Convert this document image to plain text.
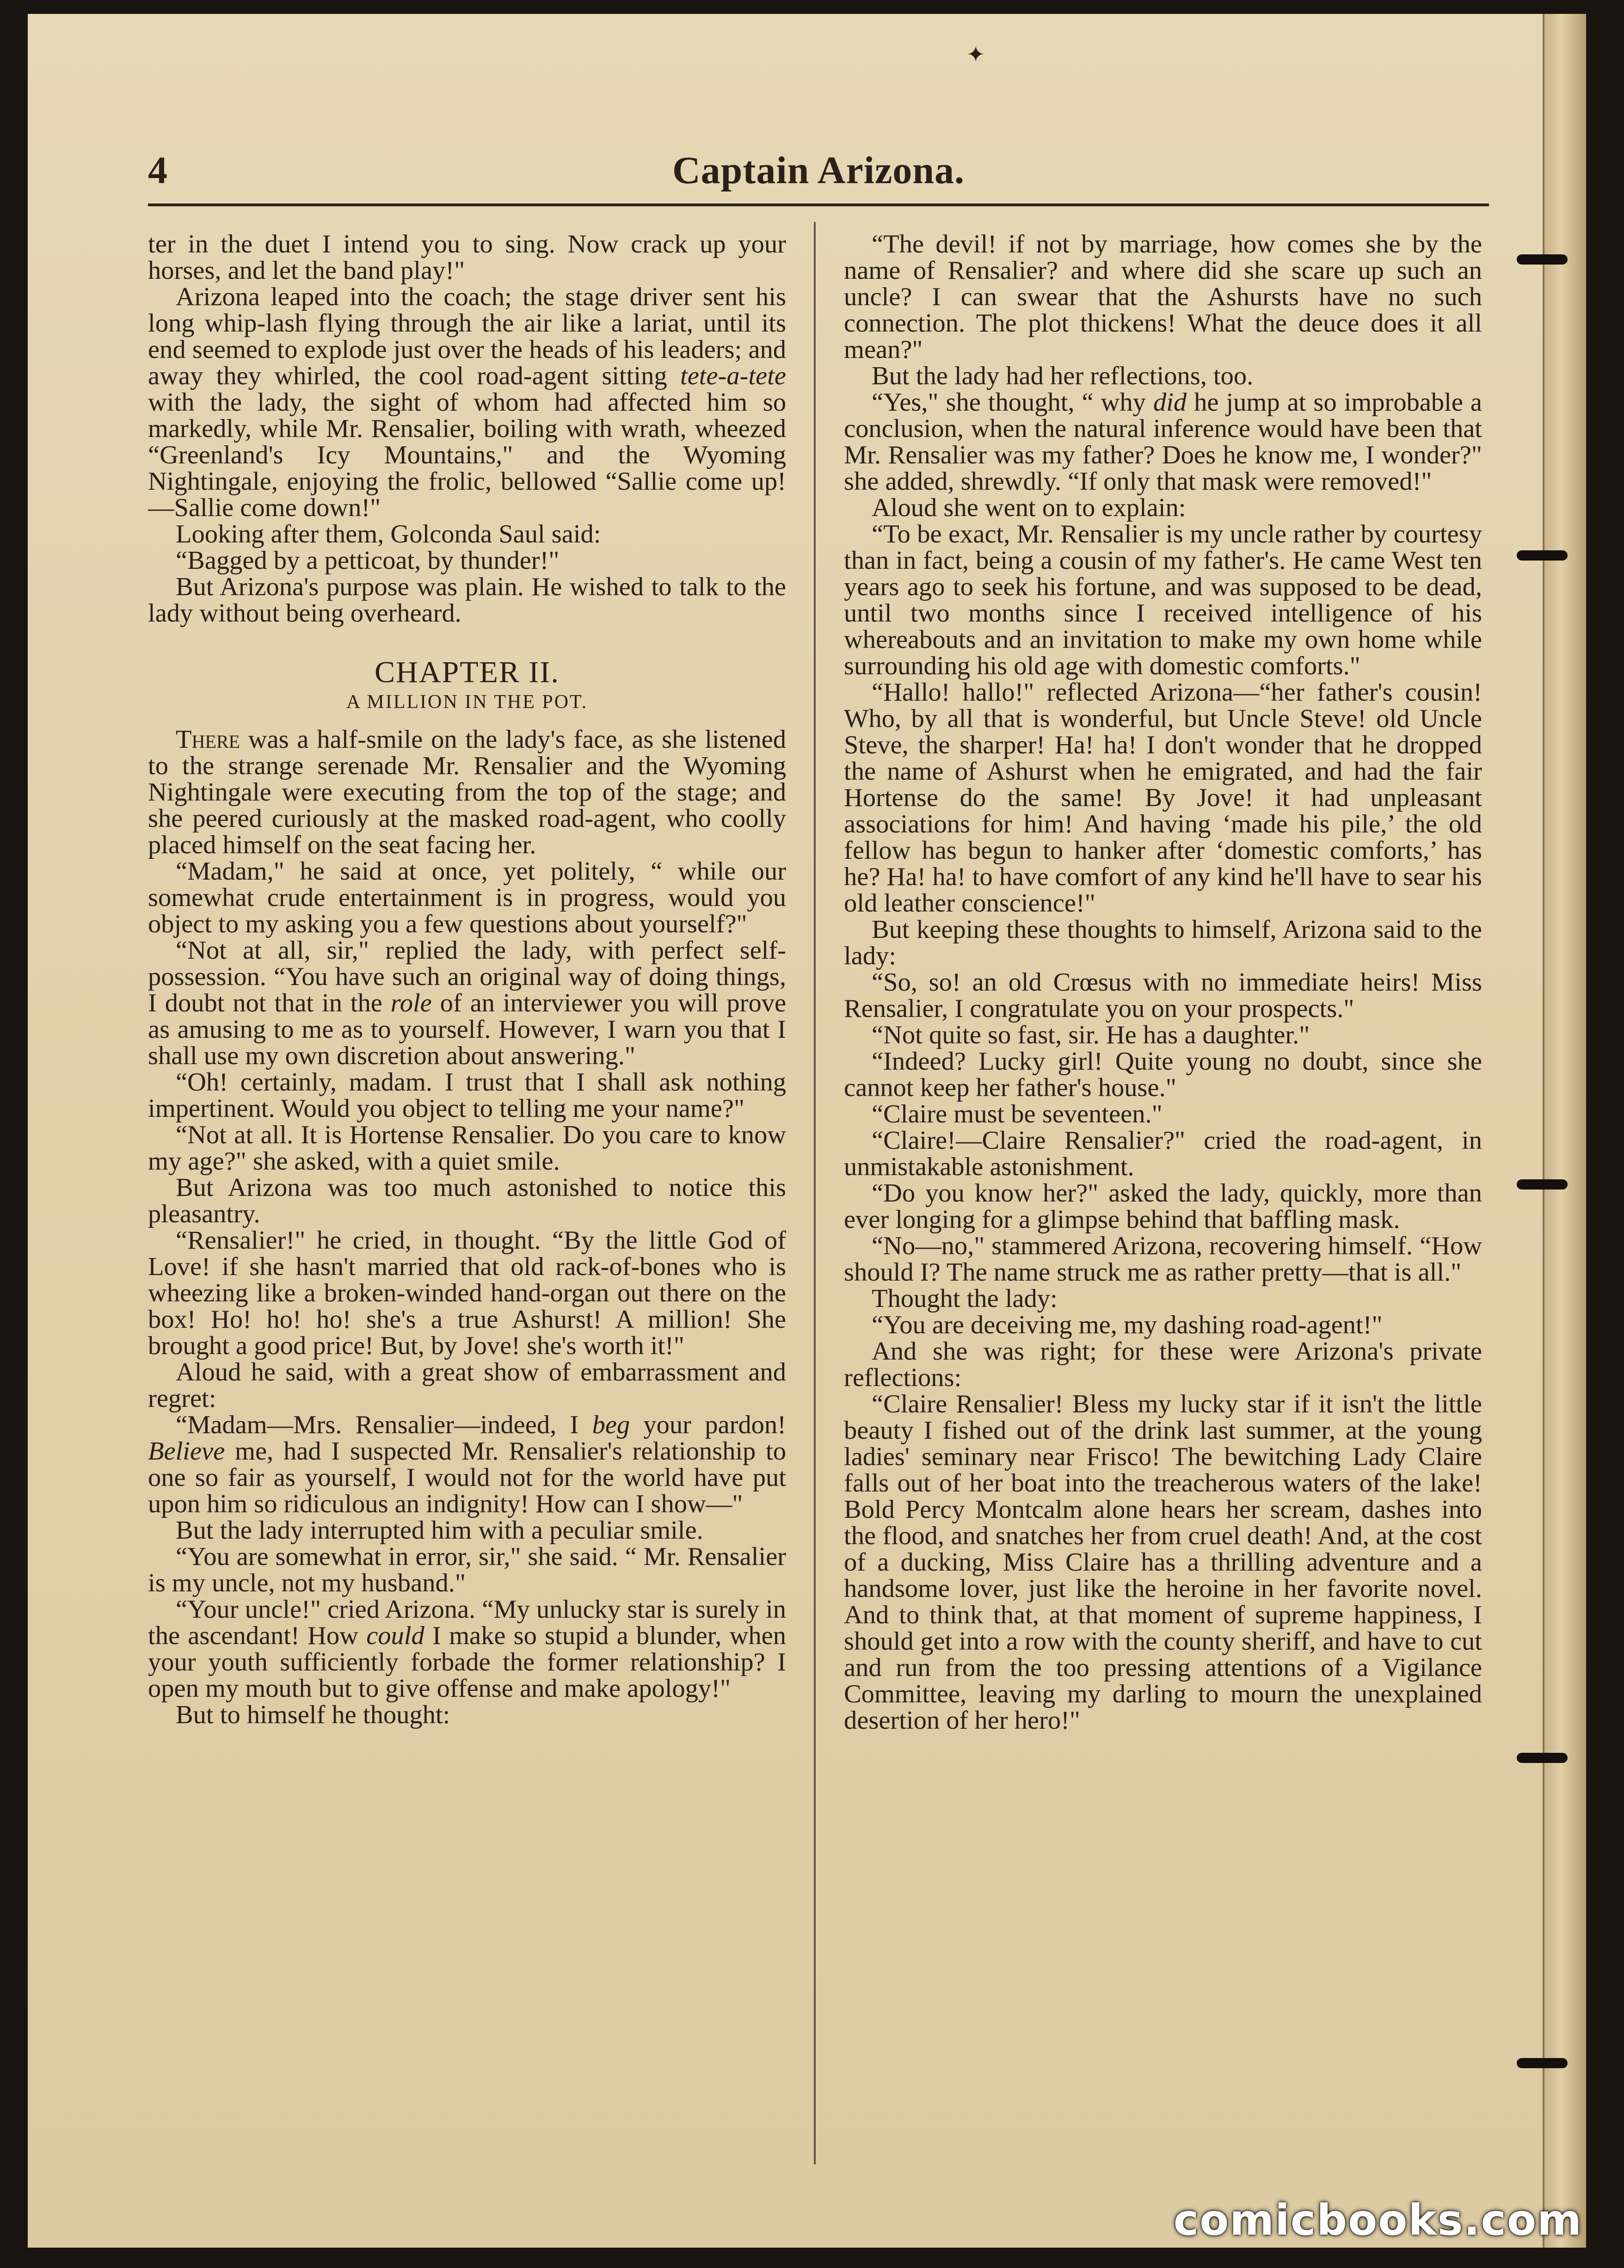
✦
4	Captain Arizona.

ter in the duet I intend you to sing. Now crack up your horses, and let the band play!"

Arizona leaped into the coach; the stage driver sent his long whip-lash flying through the air like a lariat, until its end seemed to explode just over the heads of his leaders; and away they whirled, the cool road-agent sitting tete-a-tete with the lady, the sight of whom had affected him so markedly, while Mr. Rensalier, boiling with wrath, wheezed “Greenland's Icy Mountains," and the Wyoming Nightingale, enjoying the frolic, bellowed “Sallie come up!—Sallie come down!"

Looking after them, Golconda Saul said:

“Bagged by a petticoat, by thunder!"

But Arizona's purpose was plain. He wished to talk to the lady without being overheard.

CHAPTER II.
A MILLION IN THE POT.

There was a half-smile on the lady's face, as she listened to the strange serenade Mr. Rensalier and the Wyoming Nightingale were executing from the top of the stage; and she peered curiously at the masked road-agent, who coolly placed himself on the seat facing her.

“Madam," he said at once, yet politely, “ while our somewhat crude entertainment is in progress, would you object to my asking you a few questions about yourself?"

“Not at all, sir," replied the lady, with perfect self-possession. “You have such an original way of doing things, I doubt not that in the role of an interviewer you will prove as amusing to me as to yourself. However, I warn you that I shall use my own discretion about answering."

“Oh! certainly, madam. I trust that I shall ask nothing impertinent. Would you object to telling me your name?"

“Not at all. It is Hortense Rensalier. Do you care to know my age?" she asked, with a quiet smile.

But Arizona was too much astonished to notice this pleasantry.

“Rensalier!" he cried, in thought. “By the little God of Love! if she hasn't married that old rack-of-bones who is wheezing like a broken-winded hand-organ out there on the box! Ho! ho! ho! she's a true Ashurst! A million! She brought a good price! But, by Jove! she's worth it!"

Aloud he said, with a great show of embarrassment and regret:

“Madam—Mrs. Rensalier—indeed, I beg your pardon! Believe me, had I suspected Mr. Rensalier's relationship to one so fair as yourself, I would not for the world have put upon him so ridiculous an indignity! How can I show—"

But the lady interrupted him with a peculiar smile.

“You are somewhat in error, sir," she said. “ Mr. Rensalier is my uncle, not my husband."

“Your uncle!" cried Arizona. “My unlucky star is surely in the ascendant! How could I make so stupid a blunder, when your youth sufficiently forbade the former relationship? I open my mouth but to give offense and make apology!"

But to himself he thought:

“The devil! if not by marriage, how comes she by the name of Rensalier? and where did she scare up such an uncle? I can swear that the Ashursts have no such connection. The plot thickens! What the deuce does it all mean?"

But the lady had her reflections, too.

“Yes," she thought, “ why did he jump at so improbable a conclusion, when the natural inference would have been that Mr. Rensalier was my father? Does he know me, I wonder?" she added, shrewdly. “If only that mask were removed!"

Aloud she went on to explain:

“To be exact, Mr. Rensalier is my uncle rather by courtesy than in fact, being a cousin of my father's. He came West ten years ago to seek his fortune, and was supposed to be dead, until two months since I received intelligence of his whereabouts and an invitation to make my own home while surrounding his old age with domestic comforts."

“Hallo! hallo!" reflected Arizona—“her father's cousin! Who, by all that is wonderful, but Uncle Steve! old Uncle Steve, the sharper! Ha! ha! I don't wonder that he dropped the name of Ashurst when he emigrated, and had the fair Hortense do the same! By Jove! it had unpleasant associations for him! And having ‘made his pile,’ the old fellow has begun to hanker after ‘domestic comforts,’ has he? Ha! ha! to have comfort of any kind he'll have to sear his old leather conscience!"

But keeping these thoughts to himself, Arizona said to the lady:

“So, so! an old Crœsus with no immediate heirs! Miss Rensalier, I congratulate you on your prospects."

“Not quite so fast, sir. He has a daughter."

“Indeed? Lucky girl! Quite young no doubt, since she cannot keep her father's house."

“Claire must be seventeen."

“Claire!—Claire Rensalier?" cried the road-agent, in unmistakable astonishment.

“Do you know her?" asked the lady, quickly, more than ever longing for a glimpse behind that baffling mask.

“No—no," stammered Arizona, recovering himself. “How should I? The name struck me as rather pretty—that is all."

Thought the lady:

“You are deceiving me, my dashing road-agent!"

And she was right; for these were Arizona's private reflections:

“Claire Rensalier! Bless my lucky star if it isn't the little beauty I fished out of the drink last summer, at the young ladies' seminary near Frisco! The bewitching Lady Claire falls out of her boat into the treacherous waters of the lake! Bold Percy Montcalm alone hears her scream, dashes into the flood, and snatches her from cruel death! And, at the cost of a ducking, Miss Claire has a thrilling adventure and a handsome lover, just like the heroine in her favorite novel. And to think that, at that moment of supreme happiness, I should get into a row with the county sheriff, and have to cut and run from the too pressing attentions of a Vigilance Committee, leaving my darling to mourn the unexplained desertion of her hero!"

comicbooks.com
